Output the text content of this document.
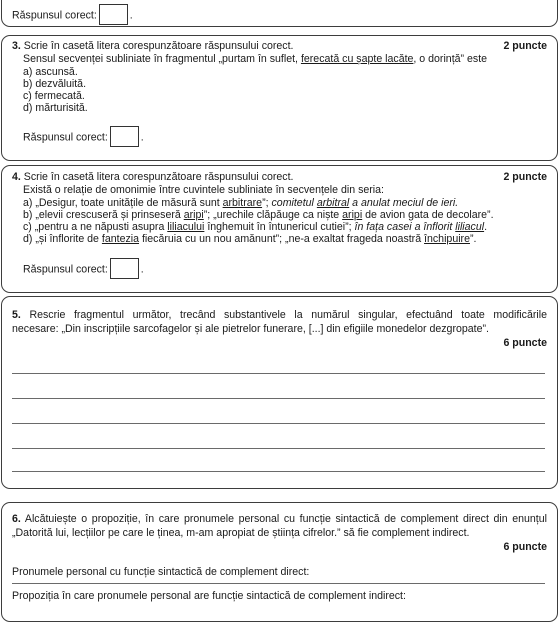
Răspunsul corect:	.
3. Scrie în casetă litera corespunzătoare răspunsului corect.	2 puncte
Sensul secvenței subliniate în fragmentul „purtam în suflet, ferecată cu șapte lacăte, o dorință” este
a) ascunsă.
b) dezvăluită.
c) fermecată.
d) mărturisită.
Răspunsul corect:	.
4. Scrie în casetă litera corespunzătoare răspunsului corect.	2 puncte
Există o relație de omonimie între cuvintele subliniate în secvențele din seria:
a) „Desigur, toate unitățile de măsură sunt arbitrare”; comitetul arbitral a anulat meciul de ieri.
b) „elevii crescuseră și prinseseră aripi”; „urechile clăpăuge ca niște aripi de avion gata de decolare”.
c) „pentru a ne năpusti asupra liliacului înghemuit în întunericul cutiei”; în fața casei a înflorit liliacul.
d) „și înflorite de fantezia fiecăruia cu un nou amănunt”; „ne-a exaltat frageda noastră închipuire”.
Răspunsul corect:	.
5. Rescrie fragmentul următor, trecând substantivele la numărul singular, efectuând toate modificările
necesare: „Din inscripțiile sarcofagelor și ale pietrelor funerare, [...] din efigiile monedelor dezgropate”.
6 puncte
6. Alcătuiește o propoziție, în care pronumele personal cu funcție sintactică de complement direct din enunțul
„Datorită lui, lecțiilor pe care le țineа, m-am apropiat de știința cifrelor.” să fie complement indirect.
6 puncte
Pronumele personal cu funcție sintactică de complement direct:
Propoziția în care pronumele personal are funcție sintactică de complement indirect:
